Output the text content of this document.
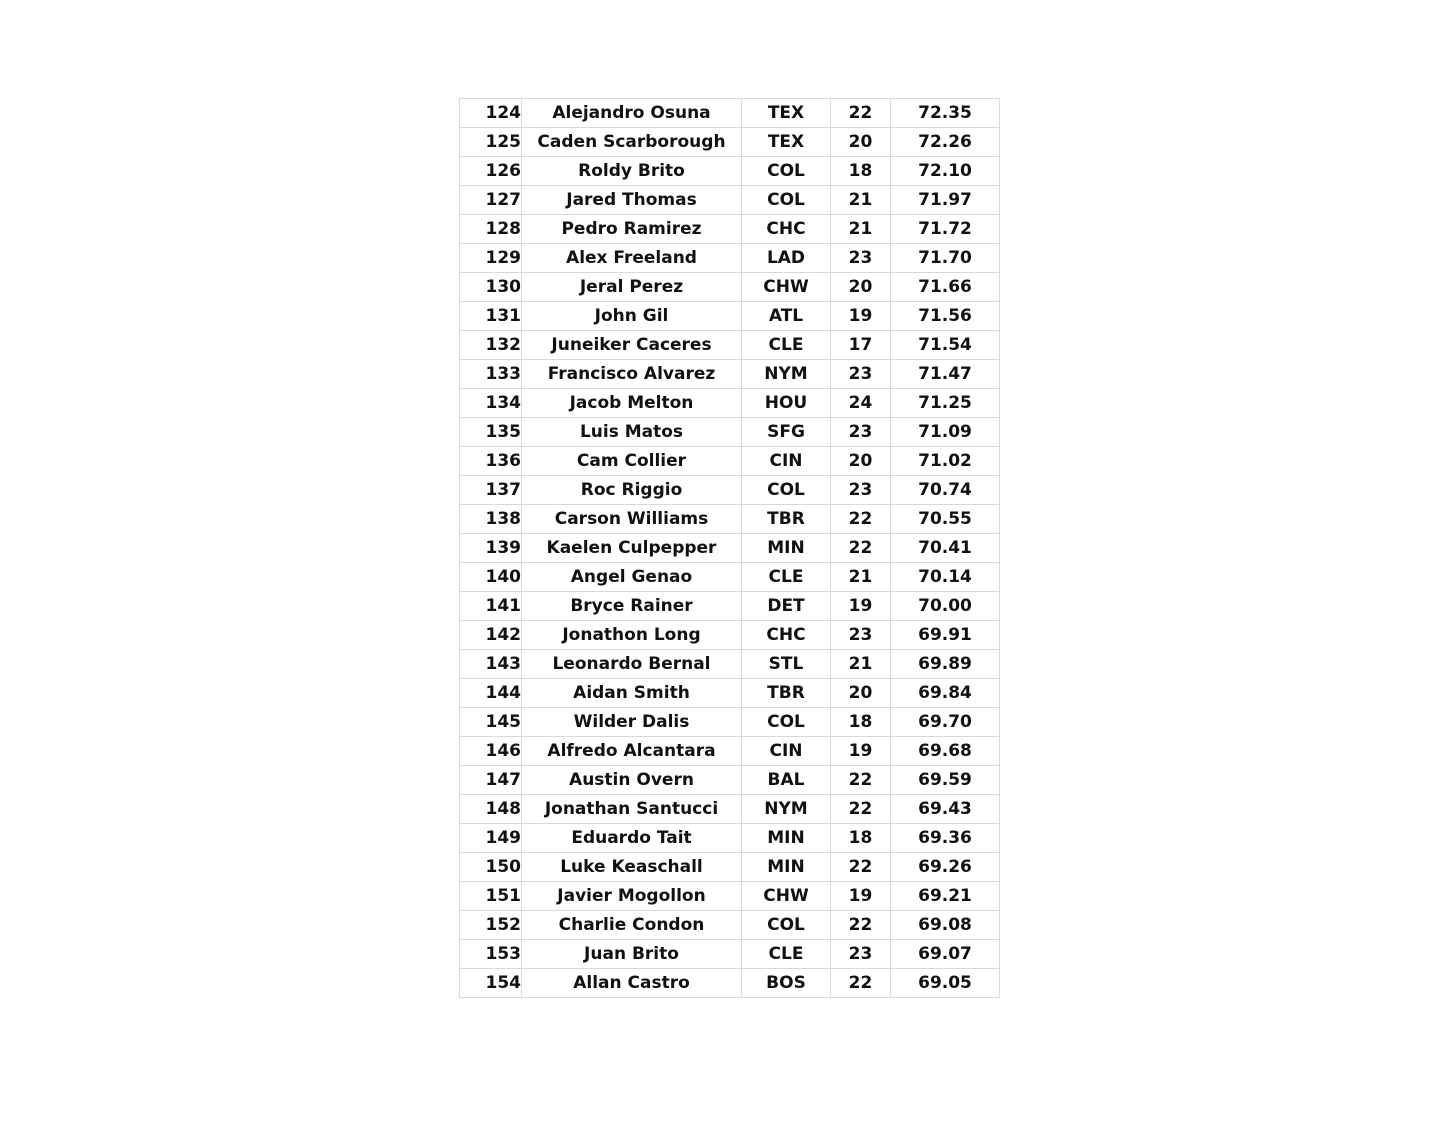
124	Alejandro Osuna	TEX	22	72.35
125	Caden Scarborough	TEX	20	72.26
126	Roldy Brito	COL	18	72.10
127	Jared Thomas	COL	21	71.97
128	Pedro Ramirez	CHC	21	71.72
129	Alex Freeland	LAD	23	71.70
130	Jeral Perez	CHW	20	71.66
131	John Gil	ATL	19	71.56
132	Juneiker Caceres	CLE	17	71.54
133	Francisco Alvarez	NYM	23	71.47
134	Jacob Melton	HOU	24	71.25
135	Luis Matos	SFG	23	71.09
136	Cam Collier	CIN	20	71.02
137	Roc Riggio	COL	23	70.74
138	Carson Williams	TBR	22	70.55
139	Kaelen Culpepper	MIN	22	70.41
140	Angel Genao	CLE	21	70.14
141	Bryce Rainer	DET	19	70.00
142	Jonathon Long	CHC	23	69.91
143	Leonardo Bernal	STL	21	69.89
144	Aidan Smith	TBR	20	69.84
145	Wilder Dalis	COL	18	69.70
146	Alfredo Alcantara	CIN	19	69.68
147	Austin Overn	BAL	22	69.59
148	Jonathan Santucci	NYM	22	69.43
149	Eduardo Tait	MIN	18	69.36
150	Luke Keaschall	MIN	22	69.26
151	Javier Mogollon	CHW	19	69.21
152	Charlie Condon	COL	22	69.08
153	Juan Brito	CLE	23	69.07
154	Allan Castro	BOS	22	69.05
